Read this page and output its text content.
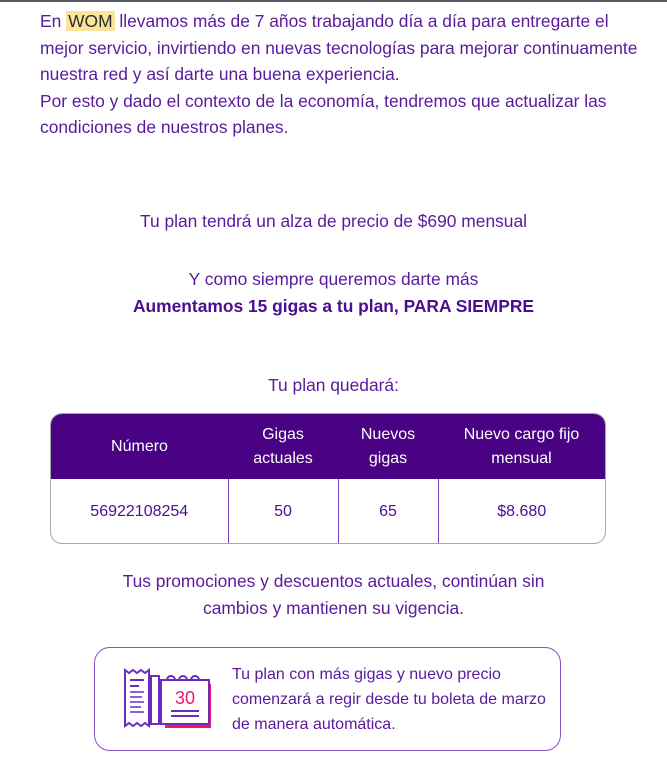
En WOM llevamos más de 7 años trabajando día a día para entregarte el mejor servicio, invirtiendo en nuevas tecnologías para mejorar continuamente nuestra red y así darte una buena experiencia.

Por esto y dado el contexto de la economía, tendremos que actualizar las condiciones de nuestros planes.

Tu plan tendrá un alza de precio de $690 mensual
Y como siempre queremos darte más
Aumentamos 15 gigas a tu plan, PARA SIEMPRE
Tu plan quedará:
Número	Gigas actuales	Nuevos gigas	Nuevo cargo fijo mensual
56922108254	50	65	$8.680
Tus promociones y descuentos actuales, continúan sin cambios y mantienen su vigencia.
30
Tu plan con más gigas y nuevo precio comenzará a regir desde tu boleta de marzo de manera automática.
